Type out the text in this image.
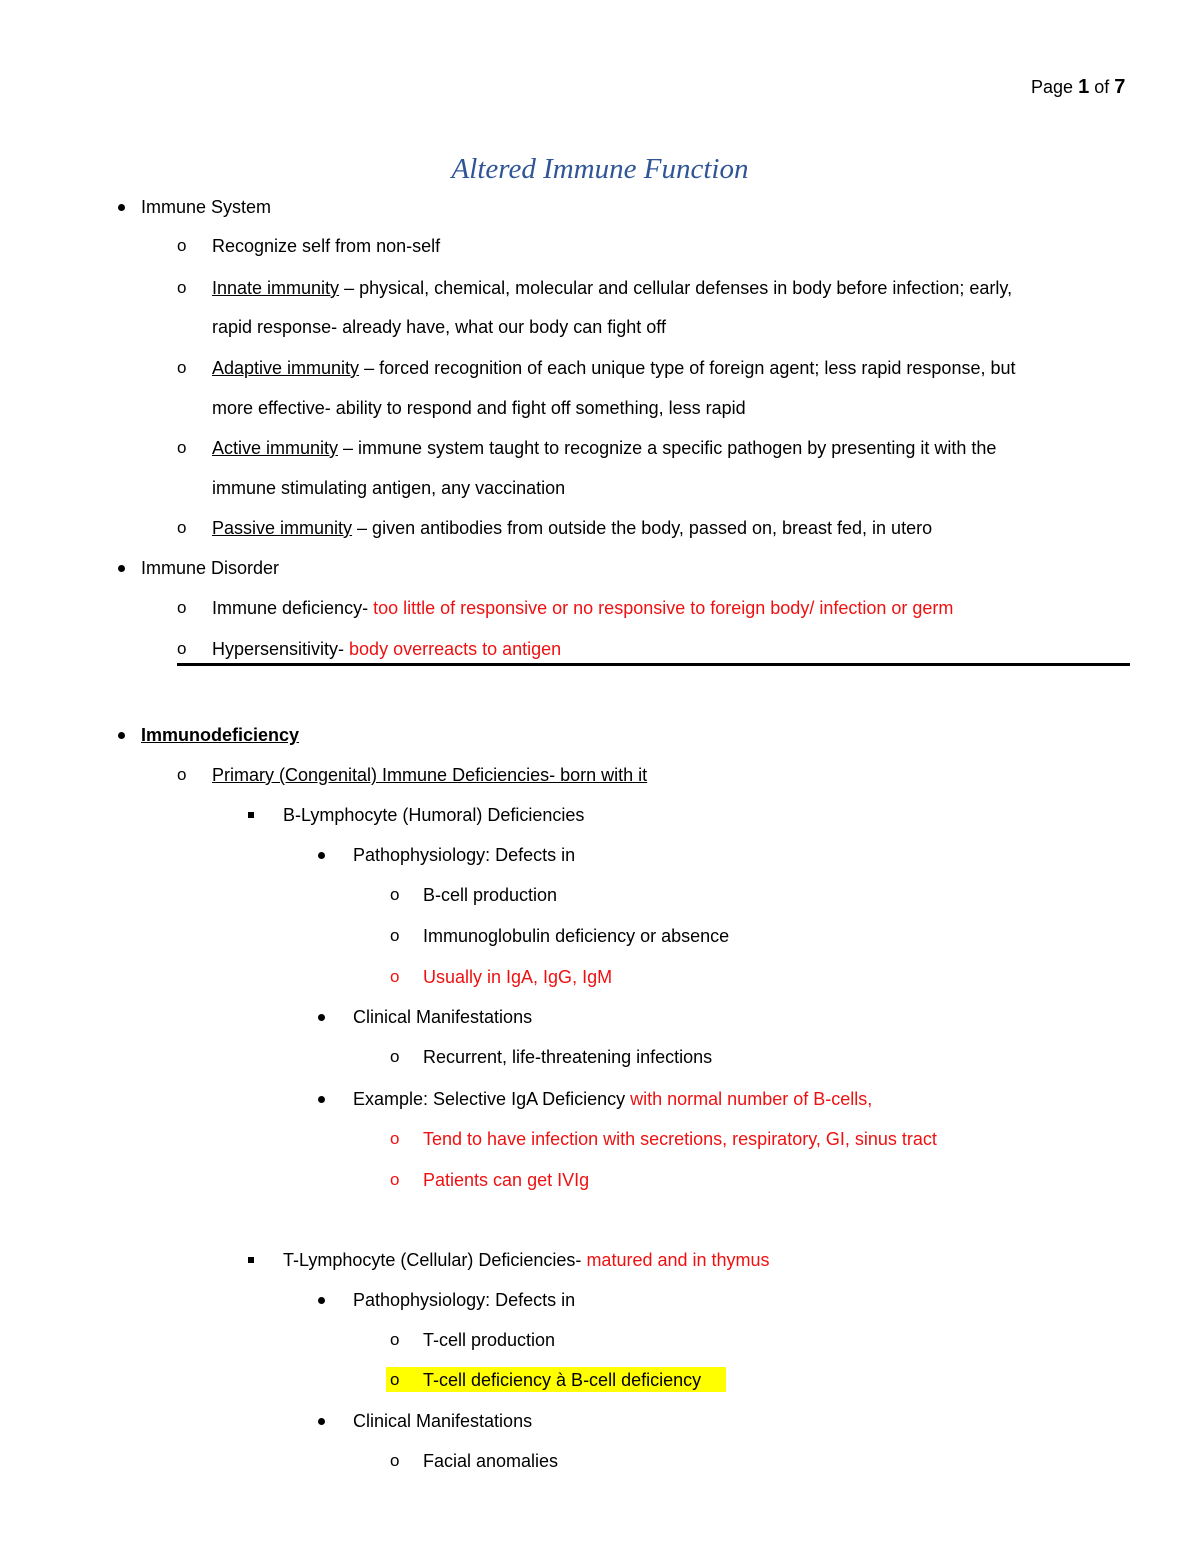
Page 1 of 7
Altered Immune Function
Immune System
o Recognize self from non-self
o Innate immunity – physical, chemical, molecular and cellular defenses in body before infection; early,
rapid response- already have, what our body can fight off
o Adaptive immunity – forced recognition of each unique type of foreign agent; less rapid response, but
more effective- ability to respond and fight off something, less rapid
o Active immunity – immune system taught to recognize a specific pathogen by presenting it with the
immune stimulating antigen, any vaccination
o Passive immunity – given antibodies from outside the body, passed on, breast fed, in utero
Immune Disorder
o Immune deficiency- too little of responsive or no responsive to foreign body/ infection or germ
o Hypersensitivity- body overreacts to antigen
Immunodeficiency
o Primary (Congenital) Immune Deficiencies- born with it
B-Lymphocyte (Humoral) Deficiencies
Pathophysiology: Defects in
o B-cell production
o Immunoglobulin deficiency or absence
o Usually in IgA, IgG, IgM
Clinical Manifestations
o Recurrent, life-threatening infections
Example: Selective IgA Deficiency with normal number of B-cells,
o Tend to have infection with secretions, respiratory, GI, sinus tract
o Patients can get IVIg
T-Lymphocyte (Cellular) Deficiencies- matured and in thymus
Pathophysiology: Defects in
o T-cell production
o T-cell deficiency à B-cell deficiency
Clinical Manifestations
o Facial anomalies
